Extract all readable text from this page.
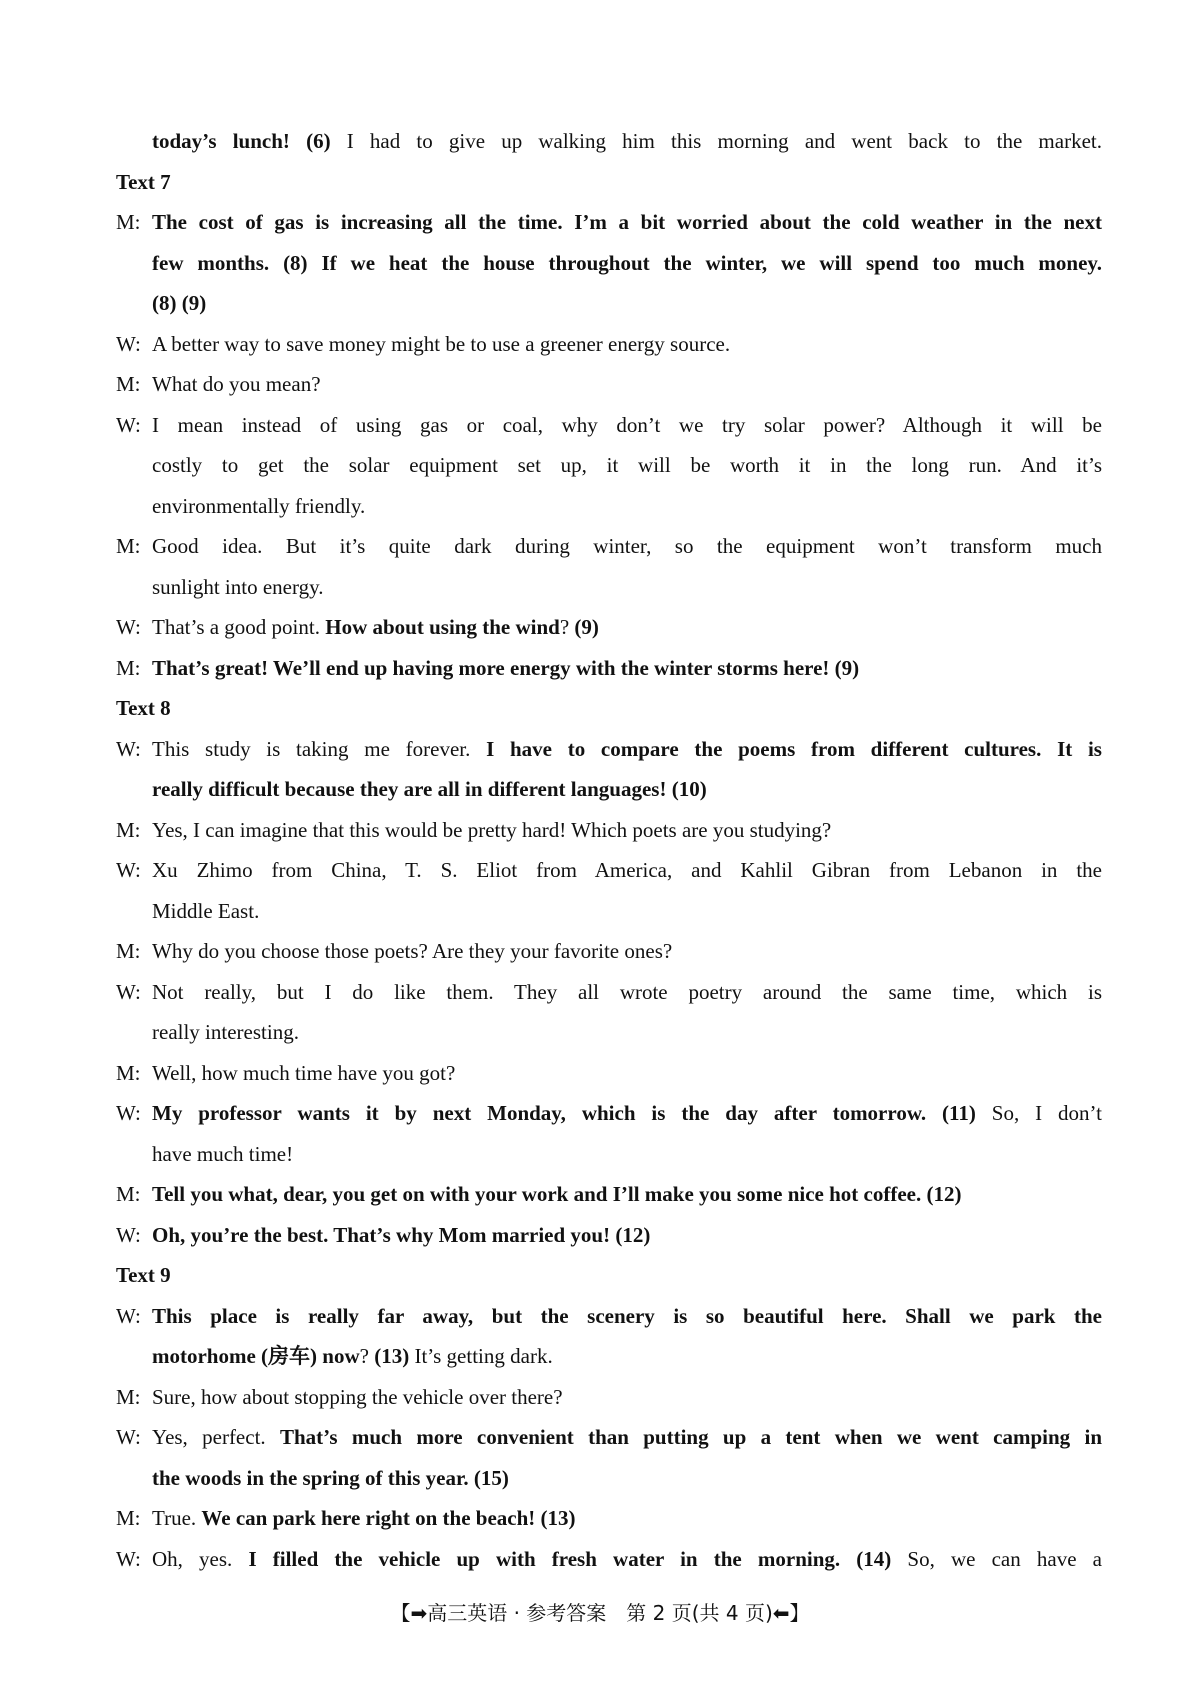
today’s lunch! (6) I had to give up walking him this morning and went back to the market.
Text 7
M: The cost of gas is increasing all the time. I’m a bit worried about the cold weather in the next
few months. (8) If we heat the house throughout the winter, we will spend too much money.
(8) (9)
W: A better way to save money might be to use a greener energy source.
M: What do you mean?
W: I mean instead of using gas or coal, why don’t we try solar power? Although it will be
costly to get the solar equipment set up, it will be worth it in the long run. And it’s
environmentally friendly.
M: Good idea. But it’s quite dark during winter, so the equipment won’t transform much
sunlight into energy.
W: That’s a good point. How about using the wind? (9)
M: That’s great! We’ll end up having more energy with the winter storms here! (9)
Text 8
W: This study is taking me forever. I have to compare the poems from different cultures. It is
really difficult because they are all in different languages! (10)
M: Yes, I can imagine that this would be pretty hard! Which poets are you studying?
W: Xu Zhimo from China, T. S. Eliot from America, and Kahlil Gibran from Lebanon in the
Middle East.
M: Why do you choose those poets? Are they your favorite ones?
W: Not really, but I do like them. They all wrote poetry around the same time, which is
really interesting.
M: Well, how much time have you got?
W: My professor wants it by next Monday, which is the day after tomorrow. (11) So, I don’t
have much time!
M: Tell you what, dear, you get on with your work and I’ll make you some nice hot coffee. (12)
W: Oh, you’re the best. That’s why Mom married you! (12)
Text 9
W: This place is really far away, but the scenery is so beautiful here. Shall we park the
motorhome (房车) now? (13) It’s getting dark.
M: Sure, how about stopping the vehicle over there?
W: Yes, perfect. That’s much more convenient than putting up a tent when we went camping in
the woods in the spring of this year. (15)
M: True. We can park here right on the beach! (13)
W: Oh, yes. I filled the vehicle up with fresh water in the morning. (14) So, we can have a
【➡高三英语 · 参考答案　第 2 页(共 4 页)⬅】
